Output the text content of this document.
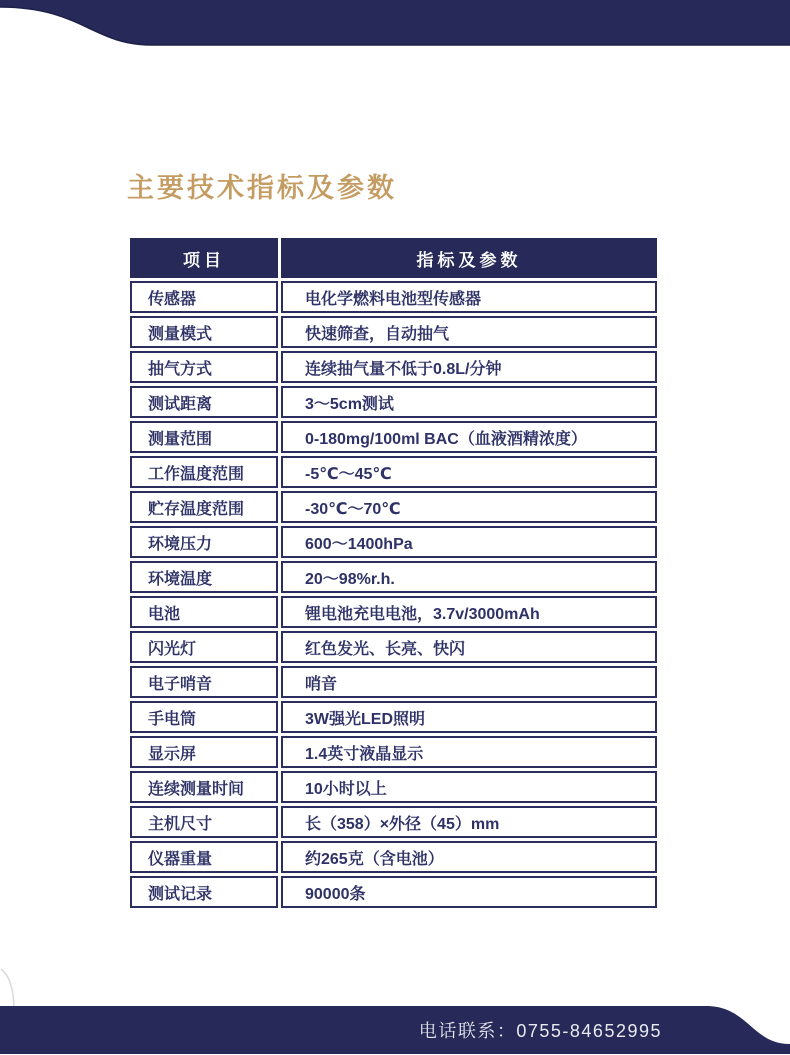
主要技术指标及参数
项目	指标及参数
传感器	电化学燃料电池型传感器
测量模式	快速筛查，自动抽气
抽气方式	连续抽气量不低于0.8L/分钟
测试距离	3～5cm测试
测量范围	0-180mg/100ml BAC（血液酒精浓度）
工作温度范围	-5℃～45℃
贮存温度范围	-30℃～70℃
环境压力	600～1400hPa
环境温度	20～98%r.h.
电池	锂电池充电电池，3.7v/3000mAh
闪光灯	红色发光、长亮、快闪
电子哨音	哨音
手电筒	3W强光LED照明
显示屏	1.4英寸液晶显示
连续测量时间	10小时以上
主机尺寸	长（358）×外径（45）mm
仪器重量	约265克（含电池）
测试记录	90000条
电话联系：0755-84652995
